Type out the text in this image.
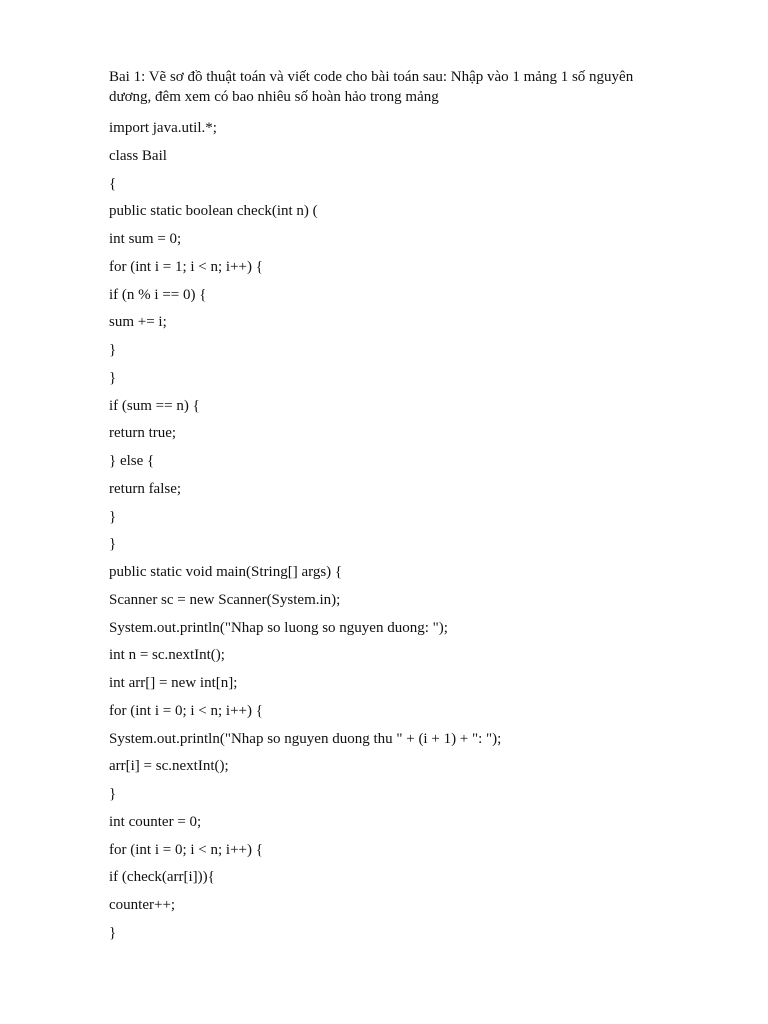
Bai 1: Vẽ sơ đồ thuật toán và viết code cho bài toán sau: Nhập vào 1 mảng 1 số nguyên dương, đêm xem có bao nhiêu số hoàn hảo trong mảng
import java.util.*;
class Bail
{
public static boolean check(int n) (
int sum = 0;
for (int i = 1; i < n; i++) {
if (n % i == 0) {
sum += i;
}
}
if (sum == n) {
return true;
} else {
return false;
}
}
public static void main(String[] args) {
Scanner sc = new Scanner(System.in);
System.out.println("Nhap so luong so nguyen duong: ");
int n = sc.nextInt();
int arr[] = new int[n];
for (int i = 0; i < n; i++) {
System.out.println("Nhap so nguyen duong thu " + (i + 1) + ": ");
arr[i] = sc.nextInt();
}
int counter = 0;
for (int i = 0; i < n; i++) {
if (check(arr[i])){
counter++;
}
